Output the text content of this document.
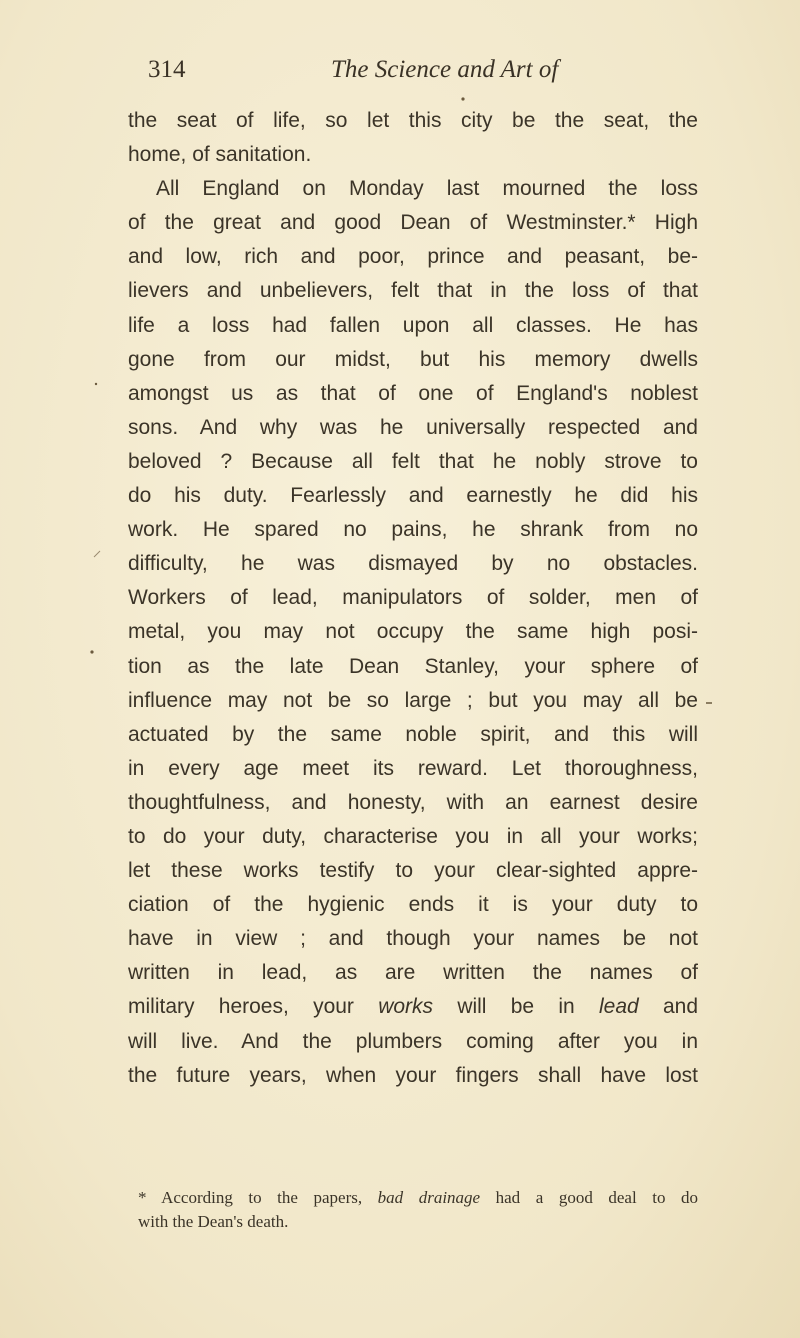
314	The Science and Art of
the seat of life, so let this city be the seat, the
home, of sanitation.
All England on Monday last mourned the loss
of the great and good Dean of Westminster.* High
and low, rich and poor, prince and peasant, be-
lievers and unbelievers, felt that in the loss of that
life a loss had fallen upon all classes. He has
gone from our midst, but his memory dwells
amongst us as that of one of England's noblest
sons. And why was he universally respected and
beloved ? Because all felt that he nobly strove to
do his duty. Fearlessly and earnestly he did his
work. He spared no pains, he shrank from no
difficulty, he was dismayed by no obstacles.
Workers of lead, manipulators of solder, men of
metal, you may not occupy the same high posi-
tion as the late Dean Stanley, your sphere of
influence may not be so large ; but you may all be
actuated by the same noble spirit, and this will
in every age meet its reward. Let thoroughness,
thoughtfulness, and honesty, with an earnest desire
to do your duty, characterise you in all your works;
let these works testify to your clear-sighted appre-
ciation of the hygienic ends it is your duty to
have in view ; and though your names be not
written in lead, as are written the names of
military heroes, your works will be in lead and
will live. And the plumbers coming after you in
the future years, when your fingers shall have lost
* According to the papers, bad drainage had a good deal to do
with the Dean's death.
